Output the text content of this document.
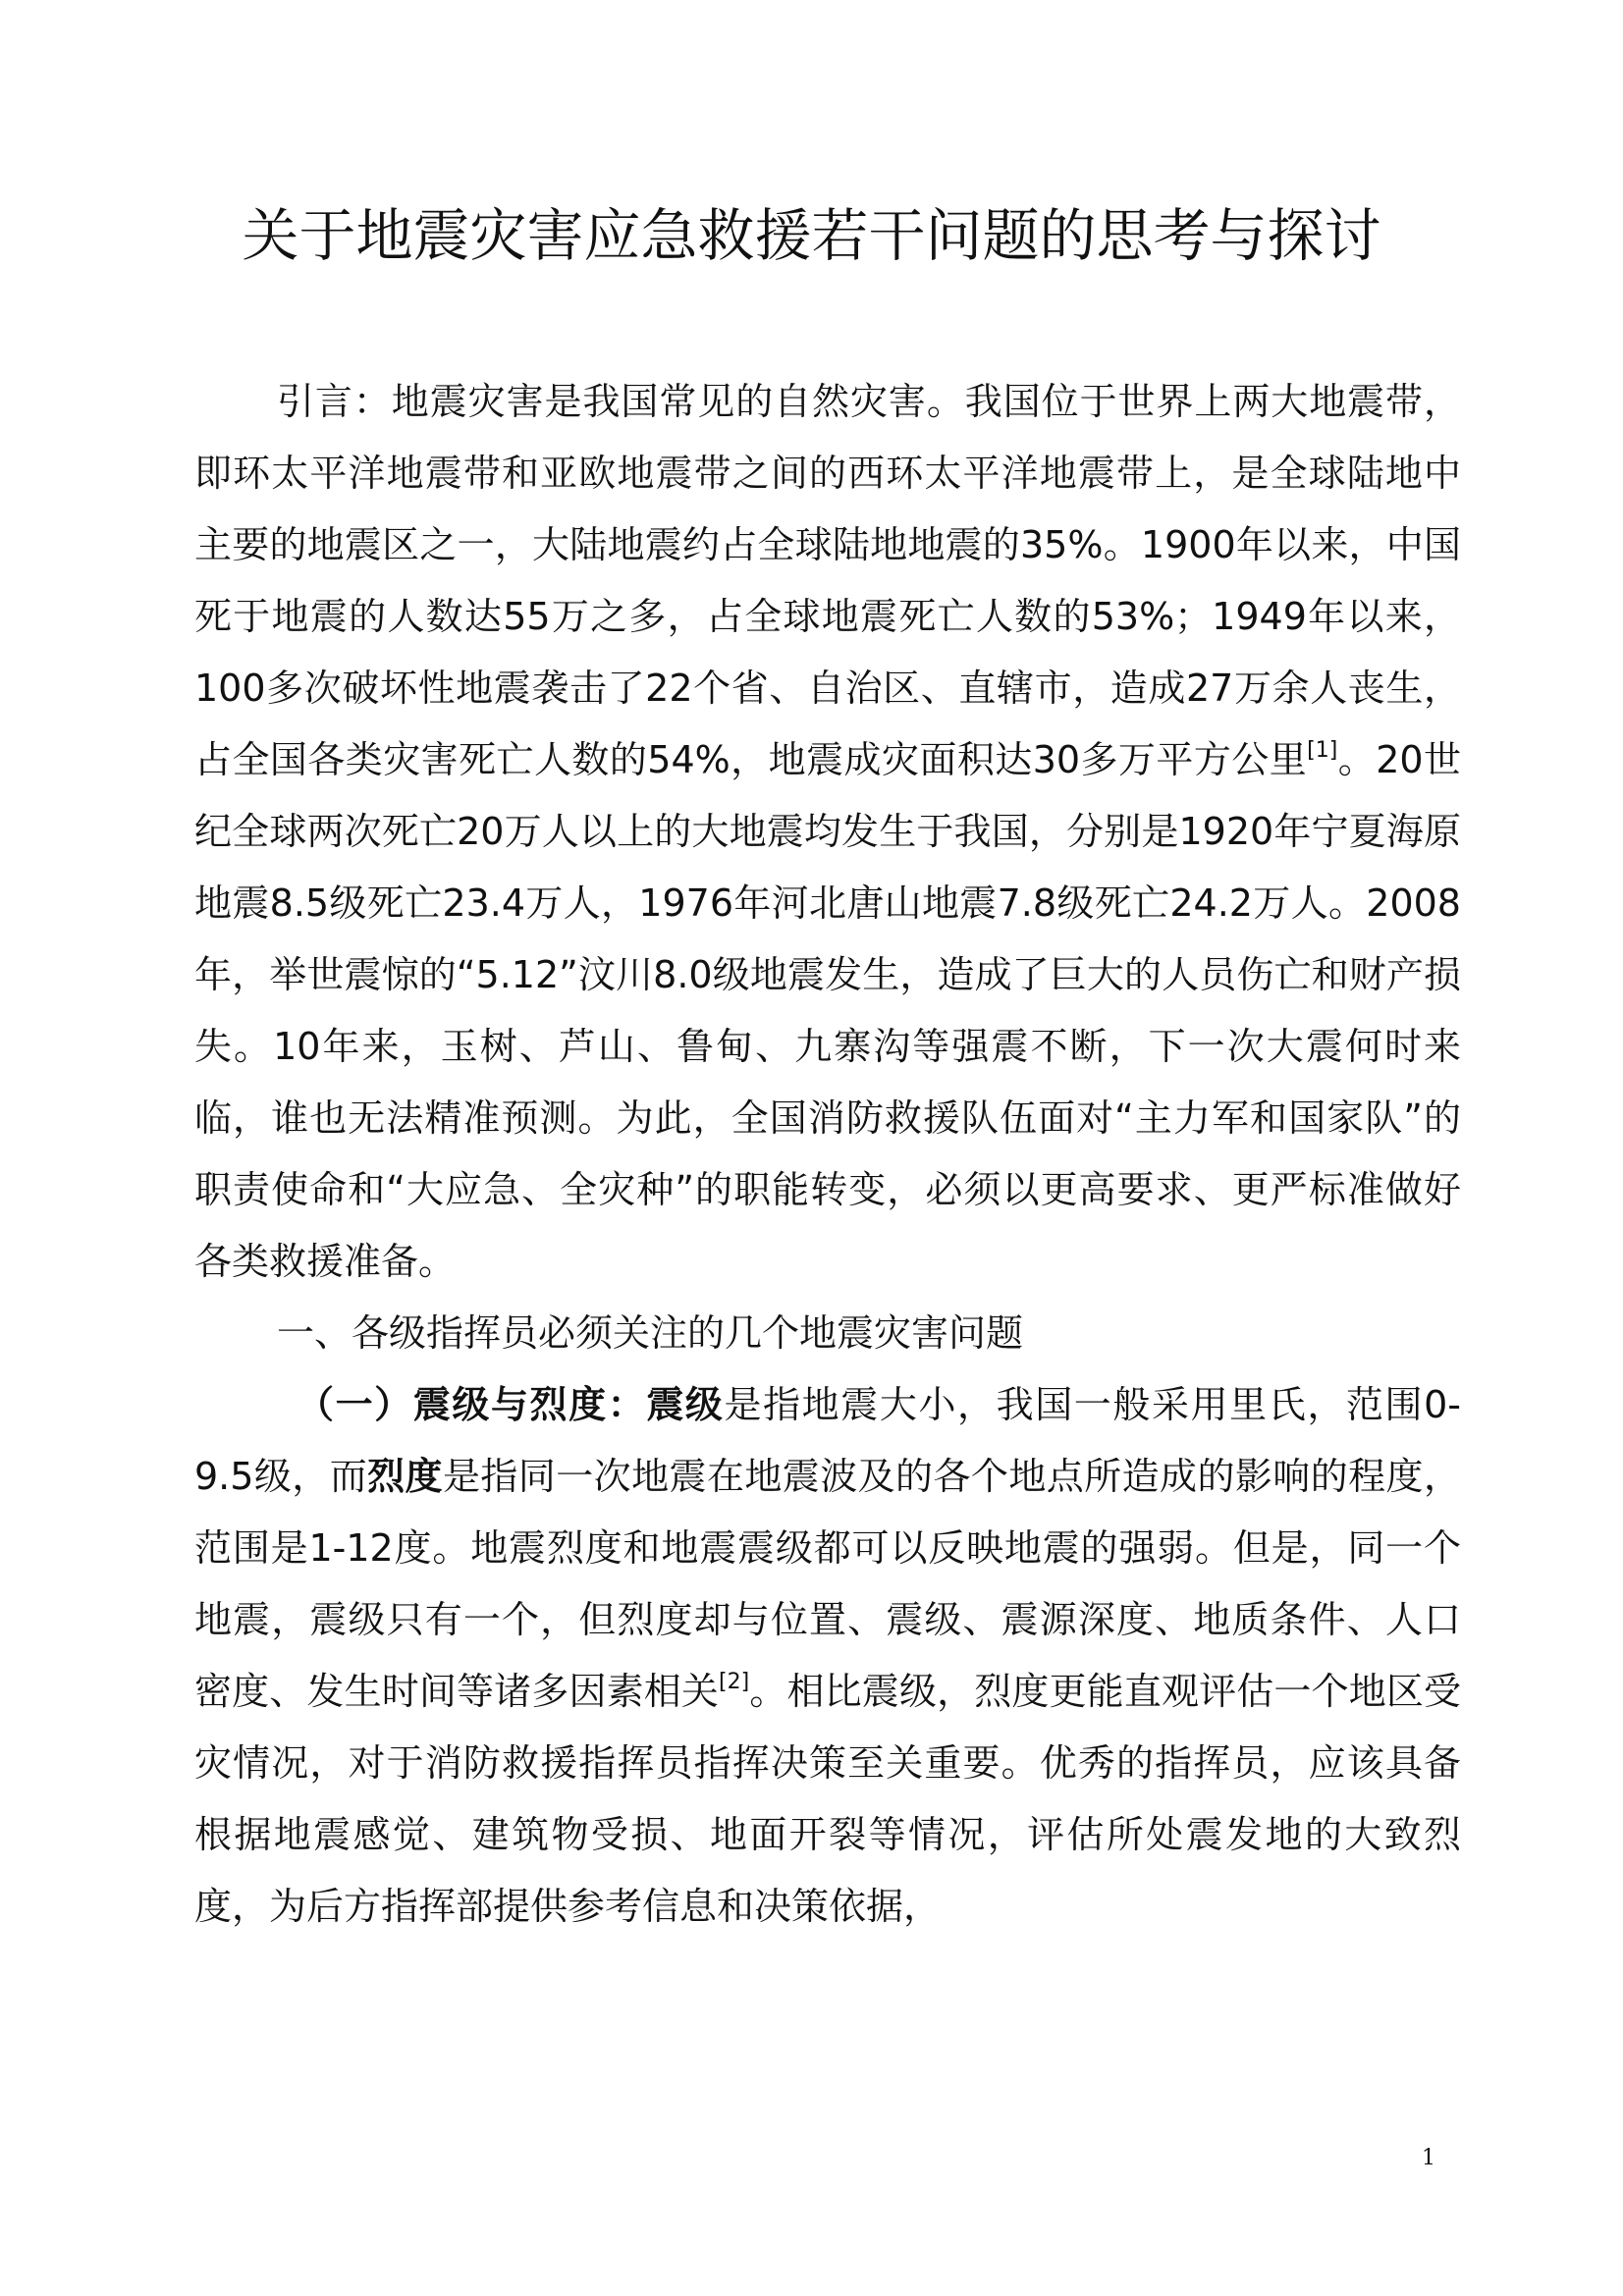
关于地震灾害应急救援若干问题的思考与探讨

引言：地震灾害是我国常见的自然灾害。我国位于世界上两大地震带，即环太平洋地震带和亚欧地震带之间的西环太平洋地震带上，是全球陆地中主要的地震区之一，大陆地震约占全球陆地地震的35%。1900年以来，中国死于地震的人数达55万之多，占全球地震死亡人数的53%；1949年以来，100多次破坏性地震袭击了22个省、自治区、直辖市，造成27万余人丧生，占全国各类灾害死亡人数的54%，地震成灾面积达30多万平方公里[1]。20世纪全球两次死亡20万人以上的大地震均发生于我国，分别是1920年宁夏海原地震8.5级死亡23.4万人，1976年河北唐山地震7.8级死亡24.2万人。2008年，举世震惊的“5.12”汶川8.0级地震发生，造成了巨大的人员伤亡和财产损失。10年来，玉树、芦山、鲁甸、九寨沟等强震不断，下一次大震何时来临，谁也无法精准预测。为此，全国消防救援队伍面对“主力军和国家队”的职责使命和“大应急、全灾种”的职能转变，必须以更高要求、更严标准做好各类救援准备。

一、各级指挥员必须关注的几个地震灾害问题

（一）震级与烈度：震级是指地震大小，我国一般采用里氏，范围0-9.5级，而烈度是指同一次地震在地震波及的各个地点所造成的影响的程度，范围是1-12度。地震烈度和地震震级都可以反映地震的强弱。但是，同一个地震，震级只有一个，但烈度却与位置、震级、震源深度、地质条件、人口密度、发生时间等诸多因素相关[2]。相比震级，烈度更能直观评估一个地区受灾情况，对于消防救援指挥员指挥决策至关重要。优秀的指挥员，应该具备根据地震感觉、建筑物受损、地面开裂等情况，评估所处震发地的大致烈度，为后方指挥部提供参考信息和决策依据，

1
